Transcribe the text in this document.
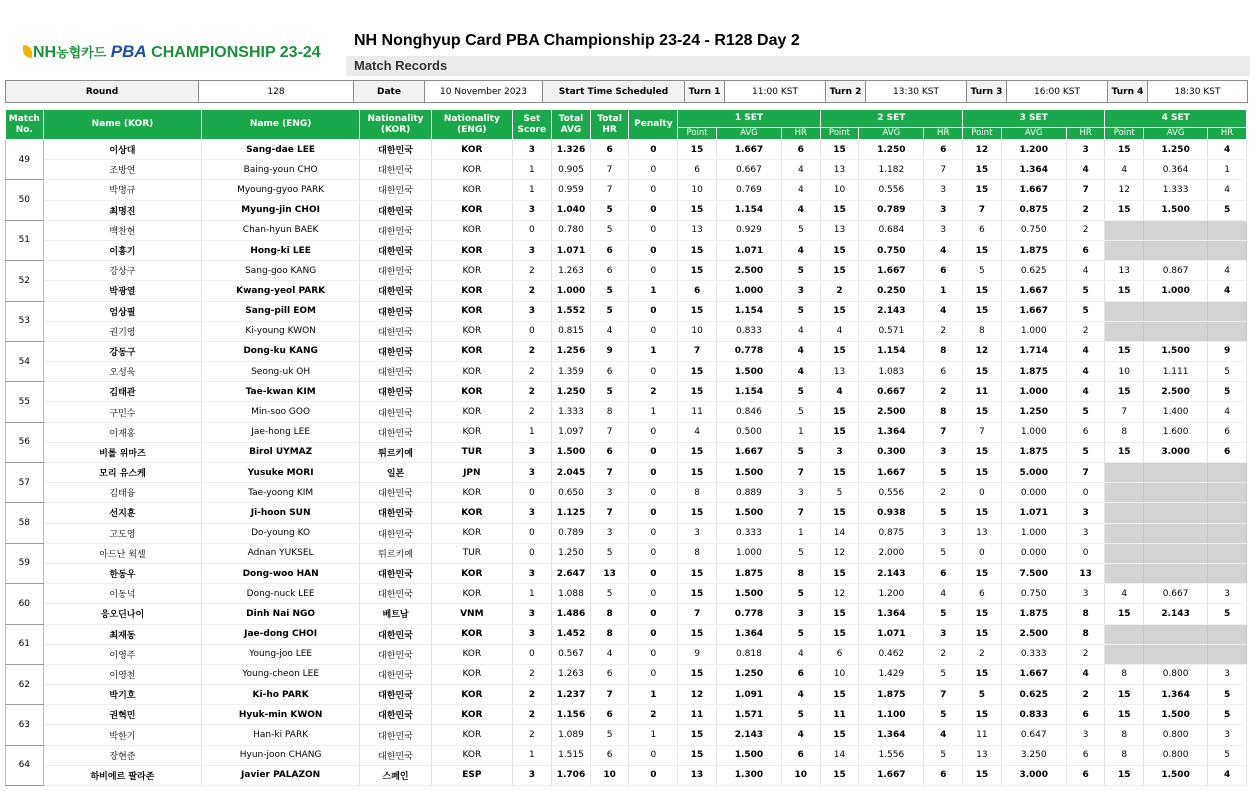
NH농협카드 PBA CHAMPIONSHIP 23-24
NH Nonghyup Card PBA Championship 23-24 - R128 Day 2
Match Records
Round	128	Date	10 November 2023	Start Time Scheduled	Turn 1	11:00 KST	Turn 2	13:30 KST	Turn 3	16:00 KST	Turn 4	18:30 KST
Match No.	Name (KOR)	Name (ENG)	Nationality (KOR)	Nationality (ENG)	Set Score	Total AVG	Total HR	Penalty	1 SET			2 SET			3 SET			4 SET		
									Point	AVG	HR	Point	AVG	HR	Point	AVG	HR	Point	AVG	HR
49	이상대	Sang-dae LEE	대한민국	KOR	3	1.326	6	0	15	1.667	6	15	1.250	6	12	1.200	3	15	1.250	4
	조방연	Baing-youn CHO	대한민국	KOR	1	0.905	7	0	6	0.667	4	13	1.182	7	15	1.364	4	4	0.364	1
50	박명규	Myoung-gyoo PARK	대한민국	KOR	1	0.959	7	0	10	0.769	4	10	0.556	3	15	1.667	7	12	1.333	4
	최명진	Myung-jin CHOI	대한민국	KOR	3	1.040	5	0	15	1.154	4	15	0.789	3	7	0.875	2	15	1.500	5
51	백찬현	Chan-hyun BAEK	대한민국	KOR	0	0.780	5	0	13	0.929	5	13	0.684	3	6	0.750	2			
	이홍기	Hong-ki LEE	대한민국	KOR	3	1.071	6	0	15	1.071	4	15	0.750	4	15	1.875	6			
52	강상구	Sang-goo KANG	대한민국	KOR	2	1.263	6	0	15	2.500	5	15	1.667	6	5	0.625	4	13	0.867	4
	박광열	Kwang-yeol PARK	대한민국	KOR	2	1.000	5	1	6	1.000	3	2	0.250	1	15	1.667	5	15	1.000	4
53	엄상필	Sang-pill EOM	대한민국	KOR	3	1.552	5	0	15	1.154	5	15	2.143	4	15	1.667	5			
	권기영	Ki-young KWON	대한민국	KOR	0	0.815	4	0	10	0.833	4	4	0.571	2	8	1.000	2			
54	강동구	Dong-ku KANG	대한민국	KOR	2	1.256	9	1	7	0.778	4	15	1.154	8	12	1.714	4	15	1.500	9
	오성욱	Seong-uk OH	대한민국	KOR	2	1.359	6	0	15	1.500	4	13	1.083	6	15	1.875	4	10	1.111	5
55	김태관	Tae-kwan KIM	대한민국	KOR	2	1.250	5	2	15	1.154	5	4	0.667	2	11	1.000	4	15	2.500	5
	구민수	Min-soo GOO	대한민국	KOR	2	1.333	8	1	11	0.846	5	15	2.500	8	15	1.250	5	7	1.400	4
56	이재홍	Jae-hong LEE	대한민국	KOR	1	1.097	7	0	4	0.500	1	15	1.364	7	7	1.000	6	8	1.600	6
	비롤 위마즈	Birol UYMAZ	튀르키예	TUR	3	1.500	6	0	15	1.667	5	3	0.300	3	15	1.875	5	15	3.000	6
57	모리 유스케	Yusuke MORI	일본	JPN	3	2.045	7	0	15	1.500	7	15	1.667	5	15	5.000	7			
	김태융	Tae-yoong KIM	대한민국	KOR	0	0.650	3	0	8	0.889	3	5	0.556	2	0	0.000	0			
58	선지훈	Ji-hoon SUN	대한민국	KOR	3	1.125	7	0	15	1.500	7	15	0.938	5	15	1.071	3			
	고도영	Do-young KO	대한민국	KOR	0	0.789	3	0	3	0.333	1	14	0.875	3	13	1.000	3			
59	아드난 윅셀	Adnan YUKSEL	튀르키예	TUR	0	1.250	5	0	8	1.000	5	12	2.000	5	0	0.000	0			
	한동우	Dong-woo HAN	대한민국	KOR	3	2.647	13	0	15	1.875	8	15	2.143	6	15	7.500	13			
60	이동넉	Dong-nuck LEE	대한민국	KOR	1	1.088	5	0	15	1.500	5	12	1.200	4	6	0.750	3	4	0.667	3
	응오딘나이	Dinh Nai NGO	베트남	VNM	3	1.486	8	0	7	0.778	3	15	1.364	5	15	1.875	8	15	2.143	5
61	최재동	Jae-dong CHOI	대한민국	KOR	3	1.452	8	0	15	1.364	5	15	1.071	3	15	2.500	8			
	이영주	Young-joo LEE	대한민국	KOR	0	0.567	4	0	9	0.818	4	6	0.462	2	2	0.333	2			
62	이영천	Young-cheon LEE	대한민국	KOR	2	1.263	6	0	15	1.250	6	10	1.429	5	15	1.667	4	8	0.800	3
	박기호	Ki-ho PARK	대한민국	KOR	2	1.237	7	1	12	1.091	4	15	1.875	7	5	0.625	2	15	1.364	5
63	권혁민	Hyuk-min KWON	대한민국	KOR	2	1.156	6	2	11	1.571	5	11	1.100	5	15	0.833	6	15	1.500	5
	박한기	Han-ki PARK	대한민국	KOR	2	1.089	5	1	15	2.143	4	15	1.364	4	11	0.647	3	8	0.800	3
64	장현준	Hyun-joon CHANG	대한민국	KOR	1	1.515	6	0	15	1.500	6	14	1.556	5	13	3.250	6	8	0.800	5
	하비에르 팔라존	Javier PALAZON	스페인	ESP	3	1.706	10	0	13	1.300	10	15	1.667	6	15	3.000	6	15	1.500	4
